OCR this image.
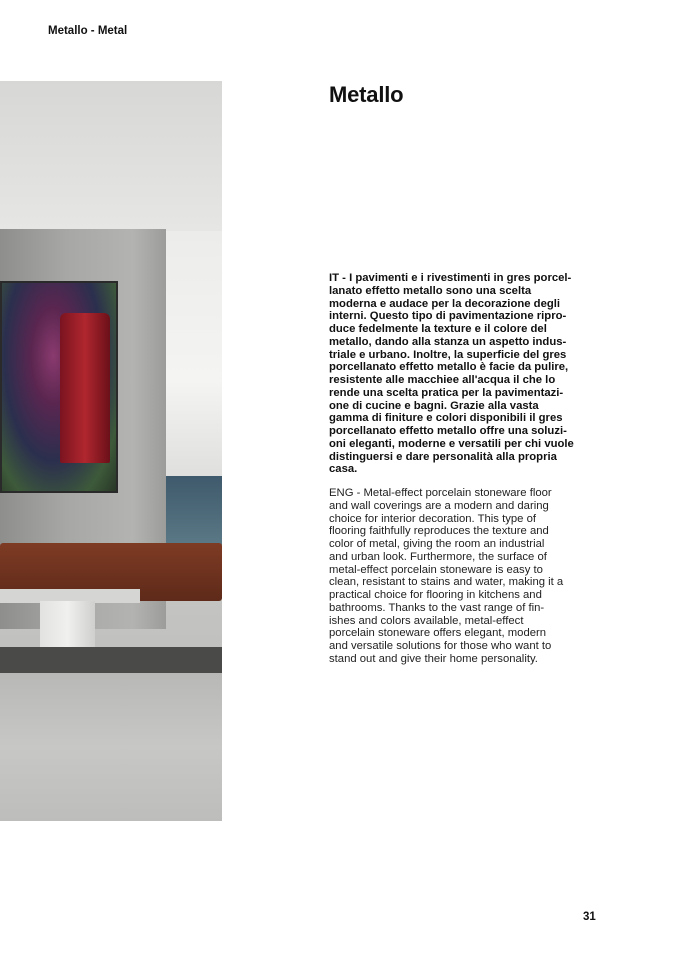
Metallo - Metal
Metallo

IT - I pavimenti e i rivestimenti in gres porcel-
lanato effetto metallo sono una scelta
moderna e audace per la decorazione degli
interni. Questo tipo di pavimentazione ripro-
duce fedelmente la texture e il colore del
metallo, dando alla stanza un aspetto indus-
triale e urbano. Inoltre, la superficie del gres
porcellanato effetto metallo è facie da pulire,
resistente alle macchiee all'acqua il che lo
rende una scelta pratica per la pavimentazi-
one di cucine e bagni. Grazie alla vasta
gamma di finiture e colori disponibili il gres
porcellanato effetto metallo offre una soluzi-
oni eleganti, moderne e versatili per chi vuole
distinguersi e dare personalità alla propria
casa.

ENG - Metal-effect porcelain stoneware floor
and wall coverings are a modern and daring
choice for interior decoration. This type of
flooring faithfully reproduces the texture and
color of metal, giving the room an industrial
and urban look. Furthermore, the surface of
metal-effect porcelain stoneware is easy to
clean, resistant to stains and water, making it a
practical choice for flooring in kitchens and
bathrooms. Thanks to the vast range of fin-
ishes and colors available, metal-effect
porcelain stoneware offers elegant, modern
and versatile solutions for those who want to
stand out and give their home personality.

31
